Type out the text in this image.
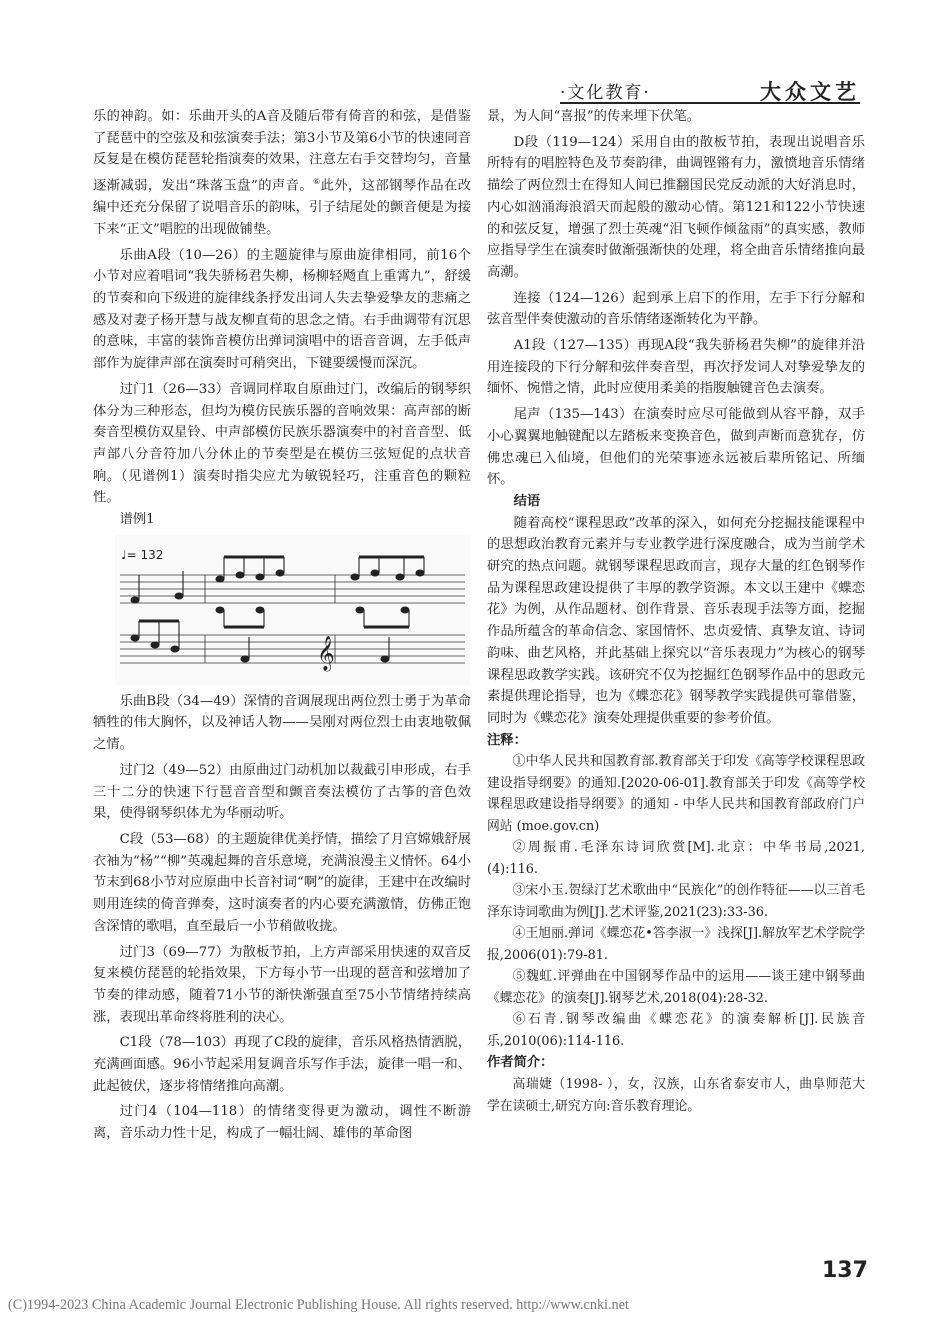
·文化教育·	大众文艺

乐的神韵。如：乐曲开头的A音及随后带有倚音的和弦，是借鉴了琵琶中的空弦及和弦演奏手法；第3小节及第6小节的快速同音反复是在模仿琵琶轮指演奏的效果，注意左右手交替均匀，音量逐渐减弱，发出“珠落玉盘”的声音。⑥此外，这部钢琴作品在改编中还充分保留了说唱音乐的韵味，引子结尾处的颤音便是为接下来“正文”唱腔的出现做铺垫。

乐曲A段（10—26）的主题旋律与原曲旋律相同，前16个小节对应着唱词“我失骄杨君失柳，杨柳轻飏直上重霄九”，舒缓的节奏和向下级进的旋律线条抒发出词人失去挚爱挚友的悲痛之感及对妻子杨开慧与战友柳直荀的思念之情。右手曲调带有沉思的意味，丰富的装饰音模仿出弹词演唱中的语音音调，左手低声部作为旋律声部在演奏时可稍突出，下键要缓慢而深沉。

过门1（26—33）音调同样取自原曲过门，改编后的钢琴织体分为三种形态，但均为模仿民族乐器的音响效果：高声部的断奏音型模仿双星铃、中声部模仿民族乐器演奏中的衬音音型、低声部八分音符加八分休止的节奏型是在模仿三弦短促的点状音响。（见谱例1）演奏时指尖应尤为敏锐轻巧，注重音色的颗粒性。

谱例1

♩= 132
𝄞

乐曲B段（34—49）深情的音调展现出两位烈士勇于为革命牺牲的伟大胸怀，以及神话人物——吴刚对两位烈士由衷地敬佩之情。

过门2（49—52）由原曲过门动机加以裁截引申形成，右手三十二分的快速下行琶音音型和颤音奏法模仿了古筝的音色效果，使得钢琴织体尤为华丽动听。

C段（53—68）的主题旋律优美抒情，描绘了月宫嫦娥舒展衣袖为“杨”“柳”英魂起舞的音乐意境，充满浪漫主义情怀。64小节末到68小节对应原曲中长音衬词“啊”的旋律，王建中在改编时则用连续的倚音弹奏，这时演奏者的内心要充满激情，仿佛正饱含深情的歌唱，直至最后一小节稍做收拢。

过门3（69—77）为散板节拍，上方声部采用快速的双音反复来模仿琵琶的轮指效果，下方每小节一出现的琶音和弦增加了节奏的律动感，随着71小节的渐快渐强直至75小节情绪持续高涨，表现出革命终将胜利的决心。

C1段（78—103）再现了C段的旋律，音乐风格热情洒脱，充满画面感。96小节起采用复调音乐写作手法，旋律一唱一和、此起彼伏，逐步将情绪推向高潮。

过门4（104—118）的情绪变得更为激动，调性不断游离，音乐动力性十足，构成了一幅壮阔、雄伟的革命图

景，为人间“喜报”的传来埋下伏笔。

D段（119—124）采用自由的散板节拍，表现出说唱音乐所特有的唱腔特色及节奏韵律，曲调铿锵有力，激愤地音乐情绪描绘了两位烈士在得知人间已推翻国民党反动派的大好消息时，内心如汹涌海浪滔天而起般的激动心情。第121和122小节快速的和弦反复，增强了烈士英魂“泪飞顿作倾盆雨”的真实感，教师应指导学生在演奏时做渐强渐快的处理，将全曲音乐情绪推向最高潮。

连接（124—126）起到承上启下的作用，左手下行分解和弦音型伴奏使激动的音乐情绪逐渐转化为平静。

A1段（127—135）再现A段“我失骄杨君失柳”的旋律并沿用连接段的下行分解和弦伴奏音型，再次抒发词人对挚爱挚友的缅怀、惋惜之情，此时应使用柔美的指腹触键音色去演奏。

尾声（135—143）在演奏时应尽可能做到从容平静，双手小心翼翼地触键配以左踏板来变换音色，做到声断而意犹存，仿佛忠魂已入仙境，但他们的光荣事迹永远被后辈所铭记、所缅怀。

结语

随着高校“课程思政”改革的深入，如何充分挖掘技能课程中的思想政治教育元素并与专业教学进行深度融合，成为当前学术研究的热点问题。就钢琴课程思政而言，现存大量的红色钢琴作品为课程思政建设提供了丰厚的教学资源。本文以王建中《蝶恋花》为例，从作品题材、创作背景、音乐表现手法等方面，挖掘作品所蕴含的革命信念、家国情怀、忠贞爱情、真挚友谊、诗词韵味、曲艺风格，并此基础上探究以“音乐表现力”为核心的钢琴课程思政教学实践。该研究不仅为挖掘红色钢琴作品中的思政元素提供理论指导，也为《蝶恋花》钢琴教学实践提供可靠借鉴，同时为《蝶恋花》演奏处理提供重要的参考价值。

注释：

①中华人民共和国教育部.教育部关于印发《高等学校课程思政建设指导纲要》的通知.[2020-06-01].教育部关于印发《高等学校课程思政建设指导纲要》的通知 - 中华人民共和国教育部政府门户网站 (moe.gov.cn)

②周振甫.毛泽东诗词欣赏[M].北京：中华书局,2021,(4):116.

③宋小玉.贺绿汀艺术歌曲中“民族化”的创作特征——以三首毛泽东诗词歌曲为例[J].艺术评鉴,2021(23):33-36.

④王旭丽.弹词《蝶恋花•答李淑一》浅探[J].解放军艺术学院学报,2006(01):79-81.

⑤魏虹.评弹曲在中国钢琴作品中的运用——谈王建中钢琴曲《蝶恋花》的演奏[J].钢琴艺术,2018(04):28-32.

⑥石青.钢琴改编曲《蝶恋花》的演奏解析[J].民族音乐,2010(06):114-116.

作者简介：

高瑞婕（1998- ），女，汉族，山东省泰安市人，曲阜师范大学在读硕士,研究方向:音乐教育理论。

137
(C)1994-2023 China Academic Journal Electronic Publishing House. All rights reserved. http://www.cnki.net
